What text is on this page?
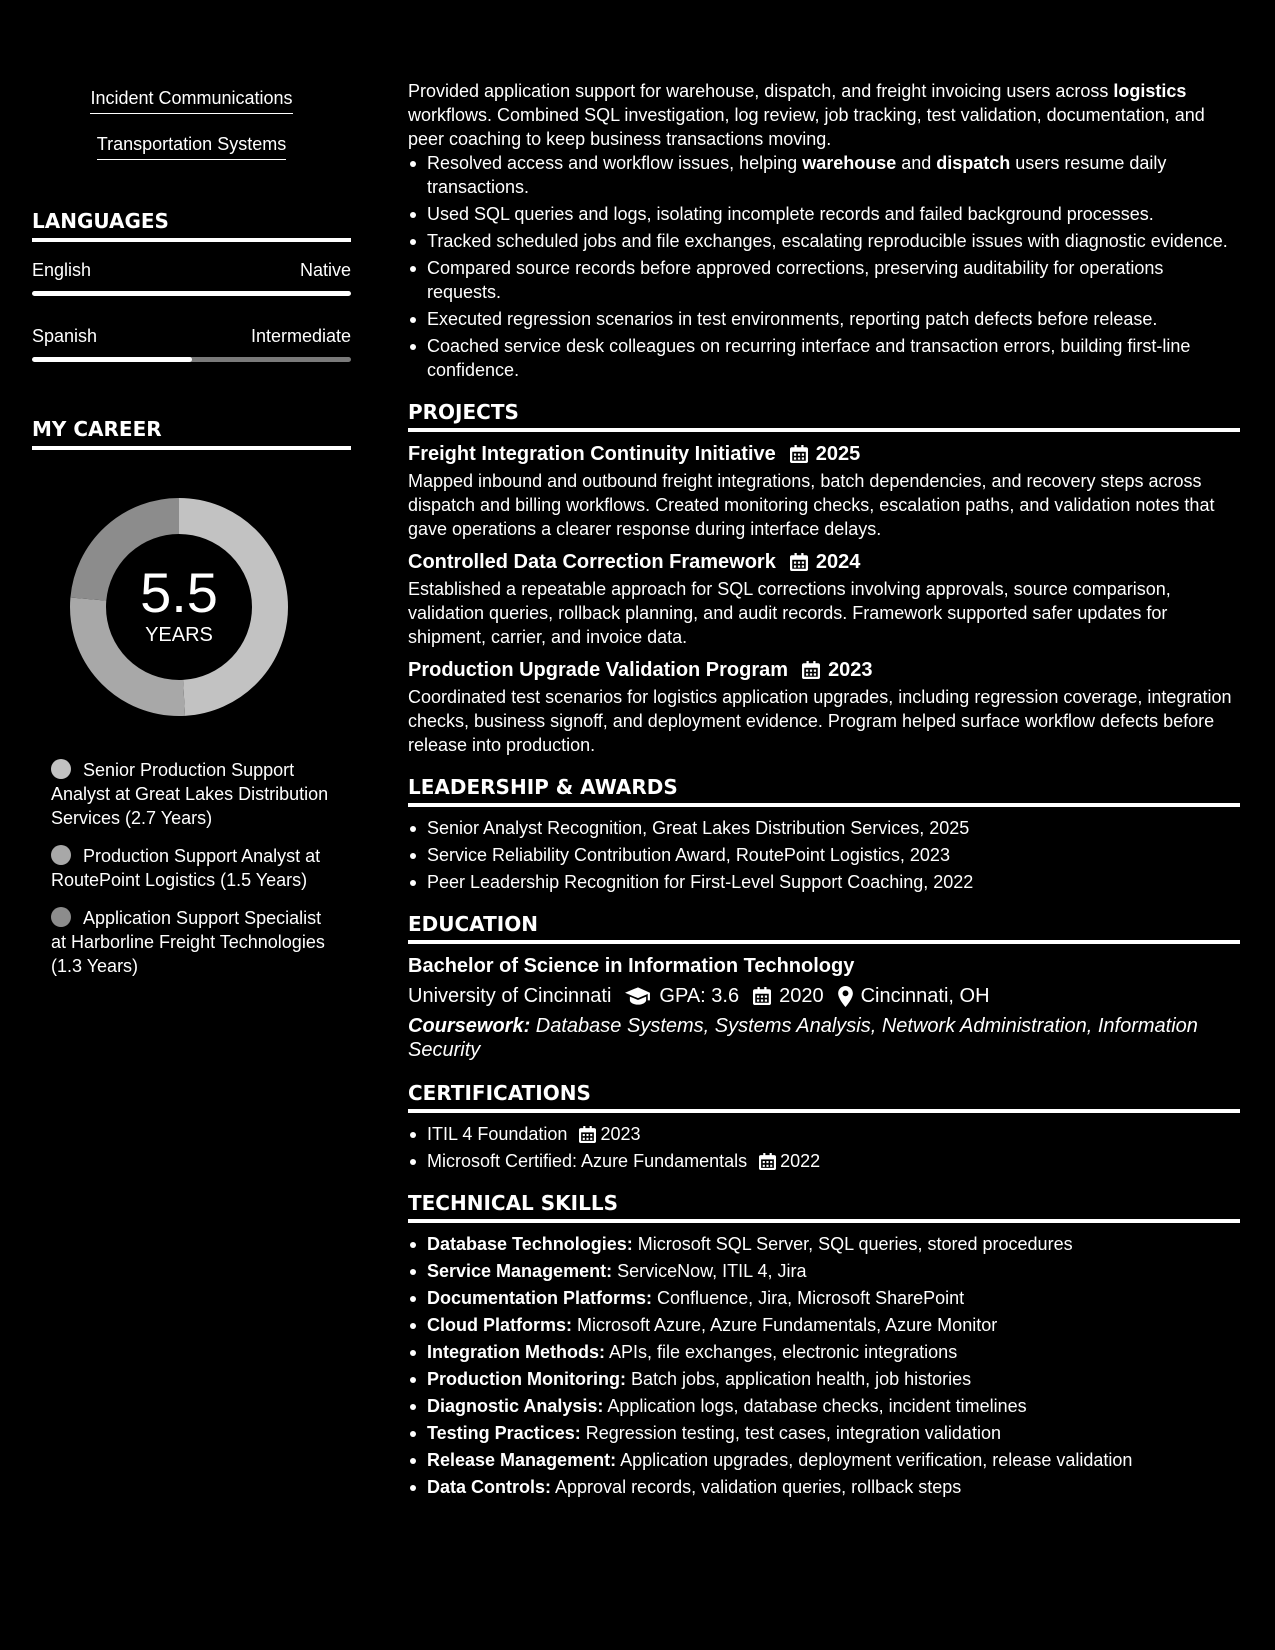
Incident Communications
Transportation Systems
LANGUAGES
English	Native
Spanish	Intermediate
MY CAREER
5.5
YEARS
Senior Production Support Analyst at Great Lakes Distribution Services (2.7 Years)
Production Support Analyst at RoutePoint Logistics (1.5 Years)
Application Support Specialist at Harborline Freight Technologies (1.3 Years)

Provided application support for warehouse, dispatch, and freight invoicing users across logistics workflows. Combined SQL investigation, log review, job tracking, test validation, documentation, and peer coaching to keep business transactions moving.

Resolved access and workflow issues, helping warehouse and dispatch users resume daily transactions.
Used SQL queries and logs, isolating incomplete records and failed background processes.
Tracked scheduled jobs and file exchanges, escalating reproducible issues with diagnostic evidence.
Compared source records before approved corrections, preserving auditability for operations requests.
Executed regression scenarios in test environments, reporting patch defects before release.
Coached service desk colleagues on recurring interface and transaction errors, building first-line confidence.
PROJECTS
Freight Integration Continuity Initiative 2025

Mapped inbound and outbound freight integrations, batch dependencies, and recovery steps across dispatch and billing workflows. Created monitoring checks, escalation paths, and validation notes that gave operations a clearer response during interface delays.

Controlled Data Correction Framework 2024

Established a repeatable approach for SQL corrections involving approvals, source comparison, validation queries, rollback planning, and audit records. Framework supported safer updates for shipment, carrier, and invoice data.

Production Upgrade Validation Program 2023

Coordinated test scenarios for logistics application upgrades, including regression coverage, integration checks, business signoff, and deployment evidence. Program helped surface workflow defects before release into production.

LEADERSHIP & AWARDS
Senior Analyst Recognition, Great Lakes Distribution Services, 2025
Service Reliability Contribution Award, RoutePoint Logistics, 2023
Peer Leadership Recognition for First-Level Support Coaching, 2022
EDUCATION
Bachelor of Science in Information Technology
University of Cincinnati GPA: 3.6 2020 Cincinnati, OH

Coursework: Database Systems, Systems Analysis, Network Administration, Information Security

CERTIFICATIONS
ITIL 4 Foundation 2023
Microsoft Certified: Azure Fundamentals 2022
TECHNICAL SKILLS
Database Technologies: Microsoft SQL Server, SQL queries, stored procedures
Service Management: ServiceNow, ITIL 4, Jira
Documentation Platforms: Confluence, Jira, Microsoft SharePoint
Cloud Platforms: Microsoft Azure, Azure Fundamentals, Azure Monitor
Integration Methods: APIs, file exchanges, electronic integrations
Production Monitoring: Batch jobs, application health, job histories
Diagnostic Analysis: Application logs, database checks, incident timelines
Testing Practices: Regression testing, test cases, integration validation
Release Management: Application upgrades, deployment verification, release validation
Data Controls: Approval records, validation queries, rollback steps
